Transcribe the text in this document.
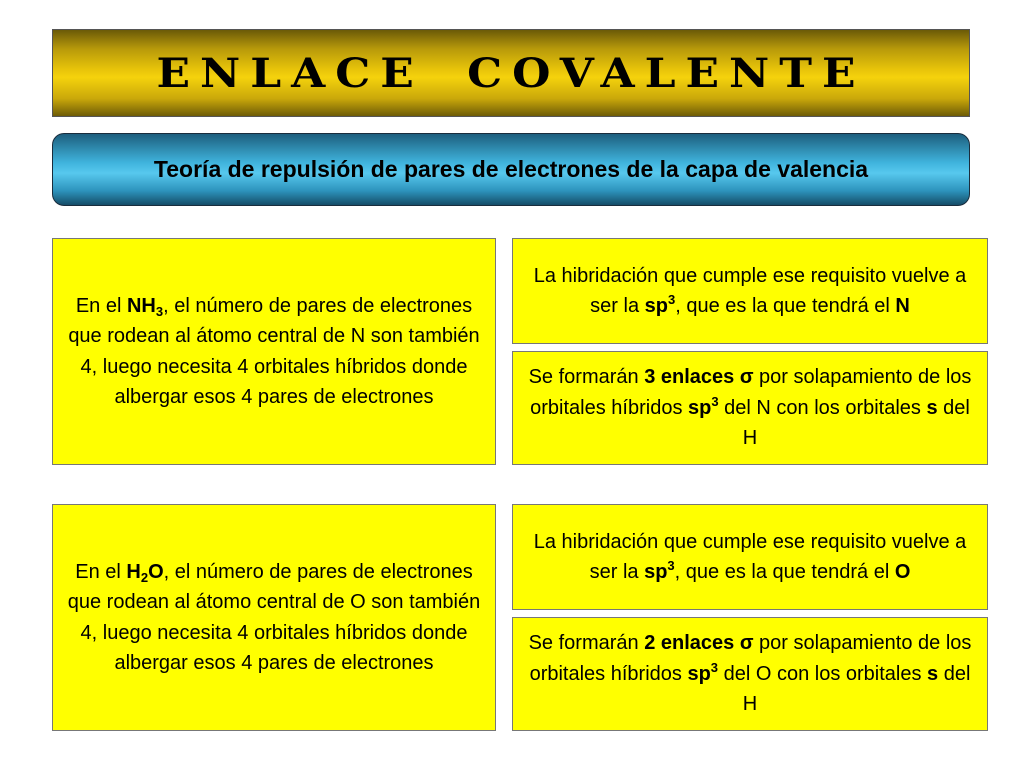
ENLACE COVALENTE
Teoría de repulsión de pares de electrones de la capa de valencia

En el $NH_3$, el número de pares de electrones que rodean al átomo central de N son también 4, luego necesita 4 orbitales híbridos donde albergar esos 4 pares de electrones

La hibridación que cumple ese requisito vuelve a ser la $sp^3$, que es la que tendrá el N

Se formarán 3 enlaces σ por solapamiento de los orbitales híbridos $sp^3$ del N con los orbitales s del H

En el $H_2O$, el número de pares de electrones que rodean al átomo central de O son también 4, luego necesita 4 orbitales híbridos donde albergar esos 4 pares de electrones

La hibridación que cumple ese requisito vuelve a ser la $sp^3$, que es la que tendrá el O

Se formarán 2 enlaces σ por solapamiento de los orbitales híbridos $sp^3$ del O con los orbitales s del H
